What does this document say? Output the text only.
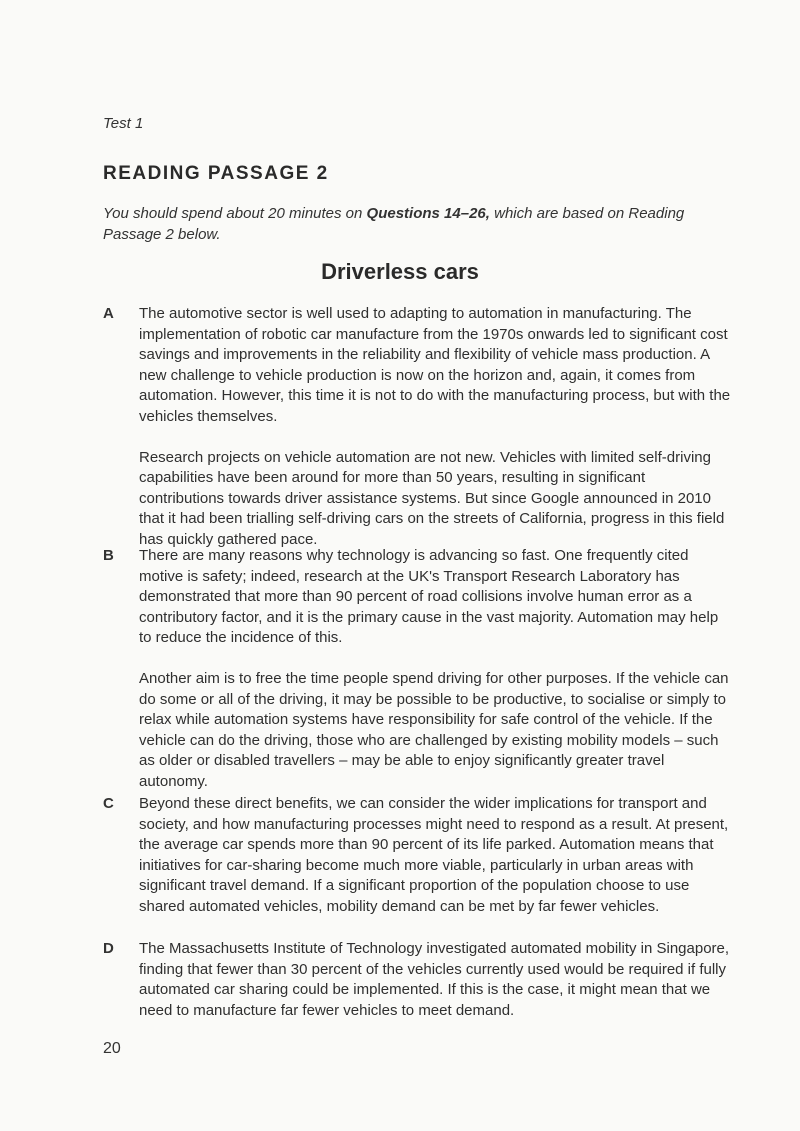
Test 1
READING PASSAGE 2
You should spend about 20 minutes on Questions 14–26, which are based on Reading Passage 2 below.
Driverless cars
A The automotive sector is well used to adapting to automation in manufacturing. The implementation of robotic car manufacture from the 1970s onwards led to significant cost savings and improvements in the reliability and flexibility of vehicle mass production. A new challenge to vehicle production is now on the horizon and, again, it comes from automation. However, this time it is not to do with the manufacturing process, but with the vehicles themselves.

Research projects on vehicle automation are not new. Vehicles with limited self-driving capabilities have been around for more than 50 years, resulting in significant contributions towards driver assistance systems. But since Google announced in 2010 that it had been trialling self-driving cars on the streets of California, progress in this field has quickly gathered pace.

B There are many reasons why technology is advancing so fast. One frequently cited motive is safety; indeed, research at the UK's Transport Research Laboratory has demonstrated that more than 90 percent of road collisions involve human error as a contributory factor, and it is the primary cause in the vast majority. Automation may help to reduce the incidence of this.

Another aim is to free the time people spend driving for other purposes. If the vehicle can do some or all of the driving, it may be possible to be productive, to socialise or simply to relax while automation systems have responsibility for safe control of the vehicle. If the vehicle can do the driving, those who are challenged by existing mobility models – such as older or disabled travellers – may be able to enjoy significantly greater travel autonomy.

C Beyond these direct benefits, we can consider the wider implications for transport and society, and how manufacturing processes might need to respond as a result. At present, the average car spends more than 90 percent of its life parked. Automation means that initiatives for car-sharing become much more viable, particularly in urban areas with significant travel demand. If a significant proportion of the population choose to use shared automated vehicles, mobility demand can be met by far fewer vehicles.

D The Massachusetts Institute of Technology investigated automated mobility in Singapore, finding that fewer than 30 percent of the vehicles currently used would be required if fully automated car sharing could be implemented. If this is the case, it might mean that we need to manufacture far fewer vehicles to meet demand.

20
